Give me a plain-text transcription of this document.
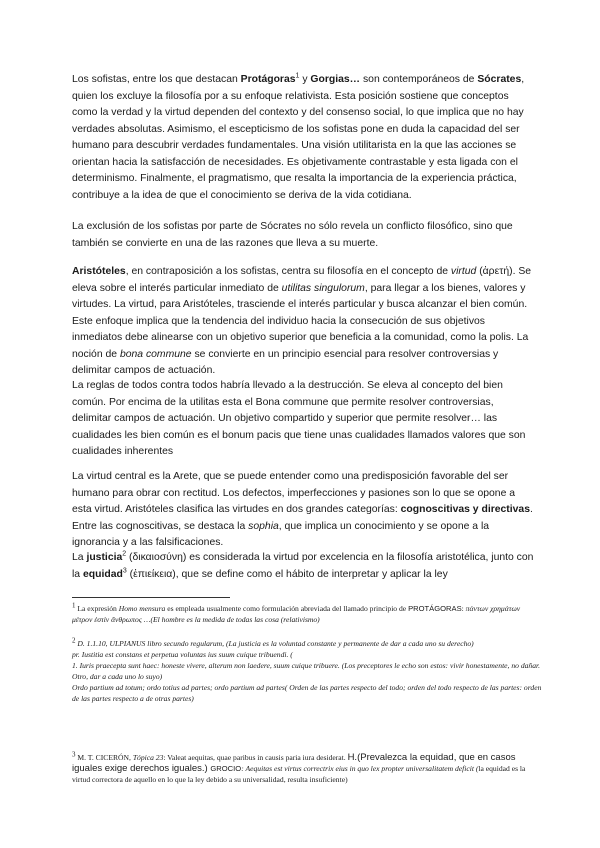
Los sofistas, entre los que destacan Protágoras$^1$ y Gorgias… son contemporáneos de Sócrates, quien los excluye la filosofía por a su enfoque relativista. Esta posición sostiene que conceptos como la verdad y la virtud dependen del contexto y del consenso social, lo que implica que no hay verdades absolutas. Asimismo, el escepticismo de los sofistas pone en duda la capacidad del ser humano para descubrir verdades fundamentales. Una visión utilitarista en la que las acciones se orientan hacia la satisfacción de necesidades. Es objetivamente contrastable y esta ligada con el determinismo. Finalmente, el pragmatismo, que resalta la importancia de la experiencia práctica, contribuye a la idea de que el conocimiento se deriva de la vida cotidiana.

La exclusión de los sofistas por parte de Sócrates no sólo revela un conflicto filosófico, sino que también se convierte en una de las razones que lleva a su muerte.

Aristóteles, en contraposición a los sofistas, centra su filosofía en el concepto de virtud (ἀρετή). Se eleva sobre el interés particular inmediato de utilitas singulorum, para llegar a los bienes, valores y virtudes. La virtud, para Aristóteles, trasciende el interés particular y busca alcanzar el bien común. Este enfoque implica que la tendencia del individuo hacia la consecución de sus objetivos inmediatos debe alinearse con un objetivo superior que beneficia a la comunidad, como la polis. La noción de bona commune se convierte en un principio esencial para resolver controversias y delimitar campos de actuación.

La reglas de todos contra todos habría llevado a la destrucción. Se eleva al concepto del bien común. Por encima de la utilitas esta el Bona commune que permite resolver controversias, delimitar campos de actuación. Un objetivo compartido y superior que permite resolver… las cualidades les bien común es el bonum pacis que tiene unas cualidades llamados valores que son cualidades inherentes

La virtud central es la Arete, que se puede entender como una predisposición favorable del ser humano para obrar con rectitud. Los defectos, imperfecciones y pasiones son lo que se opone a esta virtud. Aristóteles clasifica las virtudes en dos grandes categorías: cognoscitivas y directivas. Entre las cognoscitivas, se destaca la sophia, que implica un conocimiento y se opone a la ignorancia y a las falsificaciones.

La justicia$^2$ (δικαιοσύνη) es considerada la virtud por excelencia en la filosofía aristotélica, junto con la equidad$^3$ (ἐπιείκεια), que se define como el hábito de interpretar y aplicar la ley

$^1$ La expresión Homo mensura es empleada usualmente como formulación abreviada del llamado principio de PROTÁGORAS: πάντων χρημάτων μέτρον ἐστὶν ἄνθρωπος …(El hombre es la medida de todas las cosa (relativismo)

$^2$ D. 1.1.10, ULPIANUS libro secundo regularum, (La justicia es la voluntad constante y permanente de dar a cada uno su derecho)

pr. Iustitia est constans et perpetua voluntas ius suum cuique tribuendi. (

1. Iuris praecepta sunt haec: honeste vivere, alterum non laedere, suum cuique tribuere. (Los preceptores le echo son estos: vivir honestamente, no dañar. Otro, dar a cada uno lo suyo)

Ordo partium ad totum; ordo totius ad partes; ordo partium ad partes( Orden de las partes respecto del todo; orden del todo respecto de las partes: orden de las partes respecto a de otras partes)

$^3$ M. T. CICERÓN, Tópica 23: Valeat aequitas, quae paribus in causis paria iura desiderat. H.(Prevalezca la equidad, que en casos iguales exige derechos iguales.) GROCIO: Aequitas est virtus correctrix eius in quo lex propter universalitatem deficit (la equidad es la virtud correctora de aquello en lo que la ley debido a su universalidad, resulta insuficiente)
